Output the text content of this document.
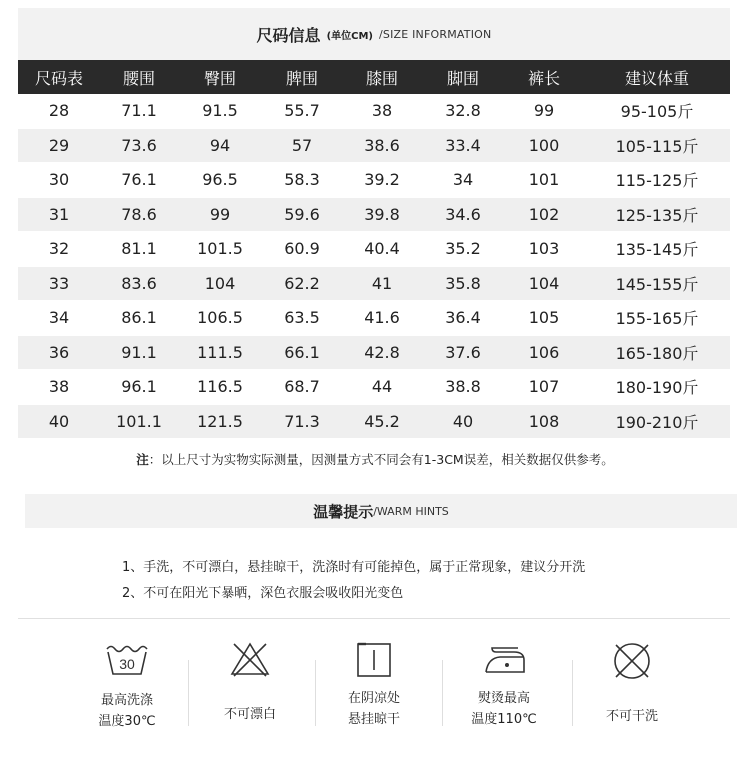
尺码信息 (单位CM) /SIZE INFORMATION
尺码表	腰围	臀围	脾围	膝围	脚围	裤长	建议体重
28	71.1	91.5	55.7	38	32.8	99	95-105斤
29	73.6	94	57	38.6	33.4	100	105-115斤
30	76.1	96.5	58.3	39.2	34	101	115-125斤
31	78.6	99	59.6	39.8	34.6	102	125-135斤
32	81.1	101.5	60.9	40.4	35.2	103	135-145斤
33	83.6	104	62.2	41	35.8	104	145-155斤
34	86.1	106.5	63.5	41.6	36.4	105	155-165斤
36	91.1	111.5	66.1	42.8	37.6	106	165-180斤
38	96.1	116.5	68.7	44	38.8	107	180-190斤
40	101.1	121.5	71.3	45.2	40	108	190-210斤
注：以上尺寸为实物实际测量，因测量方式不同会有1-3CM误差，相关数据仅供参考。
温馨提示 /WARM HINTS
1、手洗，不可漂白，悬挂晾干，洗涤时有可能掉色，属于正常现象，建议分开洗
2、不可在阳光下暴晒，深色衣服会吸收阳光变色
30
最高洗涤
温度30℃	不可漂白
在阴凉处
悬挂晾干
熨烫最高
温度110℃	不可干洗
